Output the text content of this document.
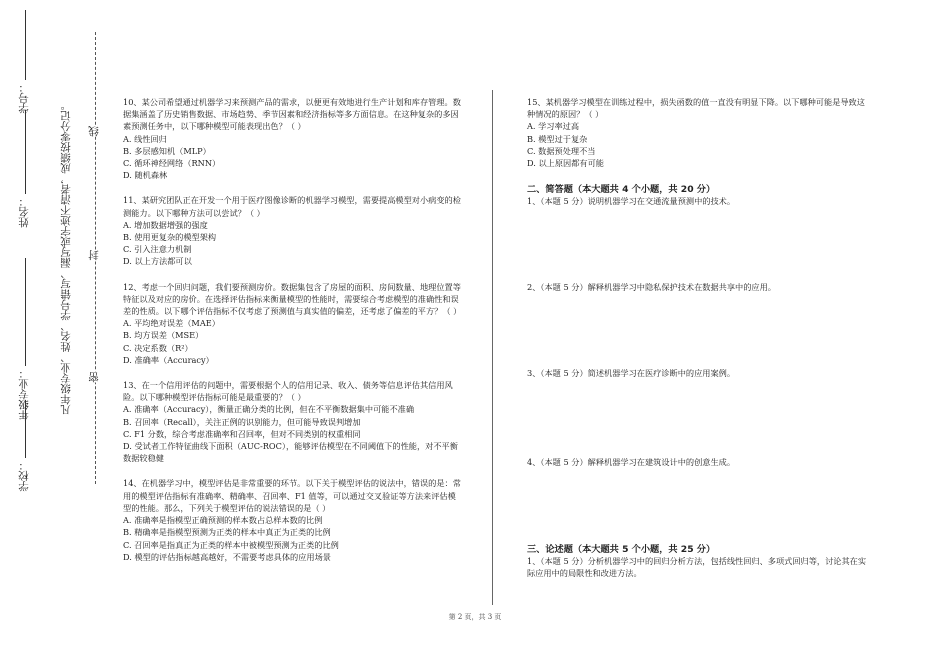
学号：
姓名：
年级专业：
学校：
凡年级专业、姓名、学号错写、漏写或字迹不清者，成绩按零分记。 线
封
密

10、某公司希望通过机器学习来预测产品的需求，以便更有效地进行生产计划和库存管理。数据集涵盖了历史销售数据、市场趋势、季节因素和经济指标等多方面信息。在这种复杂的多因素预测任务中，以下哪种模型可能表现出色？（ ）

A. 线性回归

B. 多层感知机（MLP）

C. 循环神经网络（RNN）

D. 随机森林

11、某研究团队正在开发一个用于医疗图像诊断的机器学习模型，需要提高模型对小病变的检测能力。以下哪种方法可以尝试？（ ）

A. 增加数据增强的强度

B. 使用更复杂的模型架构

C. 引入注意力机制

D. 以上方法都可以

12、考虑一个回归问题，我们要预测房价。数据集包含了房屋的面积、房间数量、地理位置等特征以及对应的房价。在选择评估指标来衡量模型的性能时，需要综合考虑模型的准确性和误差的性质。以下哪个评估指标不仅考虑了预测值与真实值的偏差，还考虑了偏差的平方？（ ）

A. 平均绝对误差（MAE）

B. 均方误差（MSE）

C. 决定系数（R²）

D. 准确率（Accuracy）

13、在一个信用评估的问题中，需要根据个人的信用记录、收入、债务等信息评估其信用风险。以下哪种模型评估指标可能是最重要的？（ ）

A. 准确率（Accuracy），衡量正确分类的比例，但在不平衡数据集中可能不准确

B. 召回率（Recall），关注正例的识别能力，但可能导致误判增加

C. F1 分数，综合考虑准确率和召回率，但对不同类别的权重相同

D. 受试者工作特征曲线下面积（AUC-ROC），能够评估模型在不同阈值下的性能，对不平衡数据较稳健

14、在机器学习中，模型评估是非常重要的环节。以下关于模型评估的说法中，错误的是：常用的模型评估指标有准确率、精确率、召回率、F1 值等，可以通过交叉验证等方法来评估模型的性能。那么，下列关于模型评估的说法错误的是（ ）

A. 准确率是指模型正确预测的样本数占总样本数的比例

B. 精确率是指模型预测为正类的样本中真正为正类的比例

C. 召回率是指真正为正类的样本中被模型预测为正类的比例

D. 模型的评估指标越高越好，不需要考虑具体的应用场景

15、某机器学习模型在训练过程中，损失函数的值一直没有明显下降。以下哪种可能是导致这种情况的原因？（ ）

A. 学习率过高

B. 模型过于复杂

C. 数据预处理不当

D. 以上原因都有可能

二、简答题（本大题共 4 个小题，共 20 分）

1、（本题 5 分）说明机器学习在交通流量预测中的技术。

2、（本题 5 分）解释机器学习中隐私保护技术在数据共享中的应用。

3、（本题 5 分）简述机器学习在医疗诊断中的应用案例。

4、（本题 5 分）解释机器学习在建筑设计中的创意生成。

三、论述题（本大题共 5 个小题，共 25 分）

1、（本题 5 分）分析机器学习中的回归分析方法，包括线性回归、多项式回归等，讨论其在实际应用中的局限性和改进方法。

第 2 页，共 3 页
